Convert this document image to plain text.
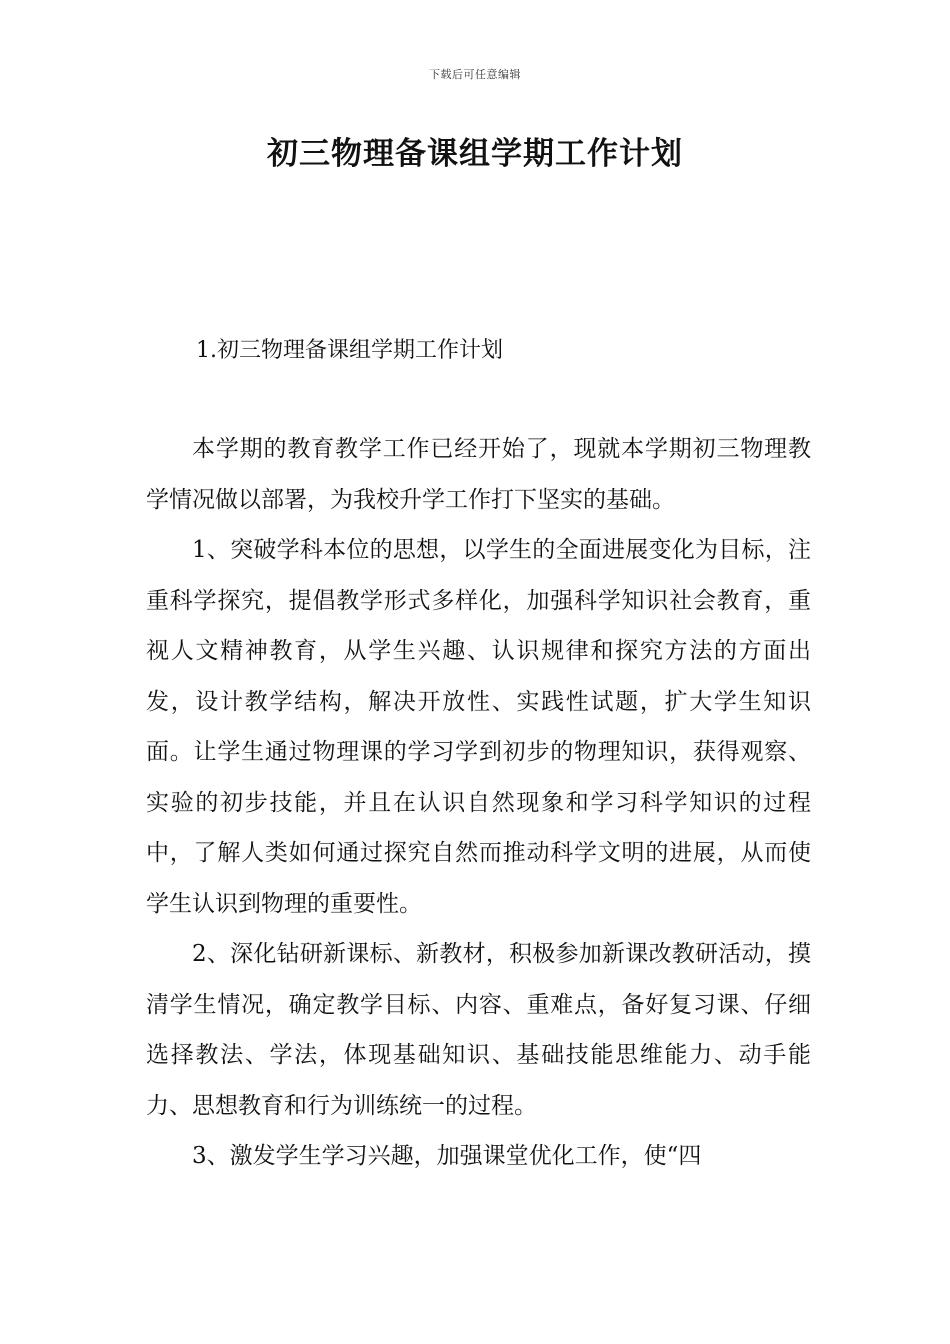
下载后可任意编辑
初三物理备课组学期工作计划
1.初三物理备课组学期工作计划

本学期的教育教学工作已经开始了，现就本学期初三物理教学情况做以部署，为我校升学工作打下坚实的基础。

1、突破学科本位的思想，以学生的全面进展变化为目标，注重科学探究，提倡教学形式多样化，加强科学知识社会教育，重视人文精神教育，从学生兴趣、认识规律和探究方法的方面出发，设计教学结构，解决开放性、实践性试题，扩大学生知识面。让学生通过物理课的学习学到初步的物理知识，获得观察、实验的初步技能，并且在认识自然现象和学习科学知识的过程中，了解人类如何通过探究自然而推动科学文明的进展，从而使学生认识到物理的重要性。

2、深化钻研新课标、新教材，积极参加新课改教研活动，摸清学生情况，确定教学目标、内容、重难点，备好复习课、仔细选择教法、学法，体现基础知识、基础技能思维能力、动手能力、思想教育和行为训练统一的过程。

3、激发学生学习兴趣，加强课堂优化工作，使“四
